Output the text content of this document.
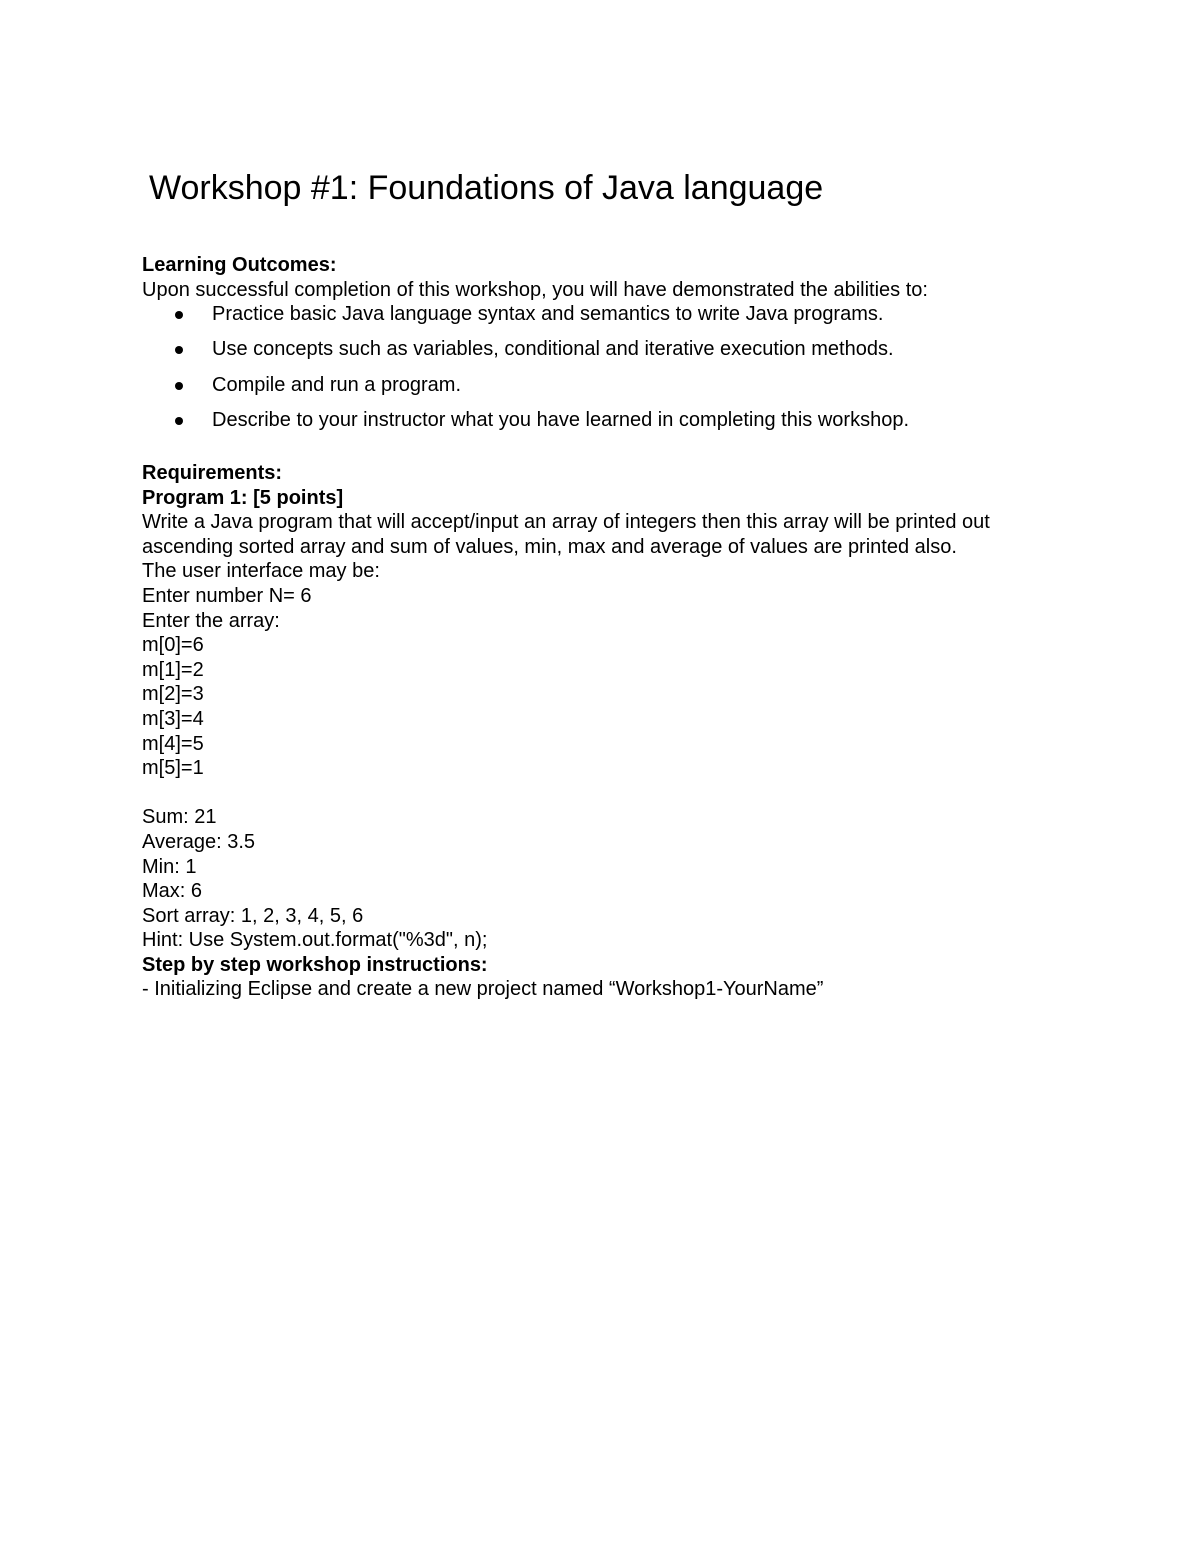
Workshop #1: Foundations of Java language
Learning Outcomes:
Upon successful completion of this workshop, you will have demonstrated the abilities to:
Practice basic Java language syntax and semantics to write Java programs.
Use concepts such as variables, conditional and iterative execution methods.
Compile and run a program.
Describe to your instructor what you have learned in completing this workshop.
Requirements:
Program 1: [5 points]
Write a Java program that will accept/input an array of integers then this array will be printed out
ascending sorted array and sum of values, min, max and average of values are printed also.
The user interface may be:
Enter number N= 6
Enter the array:
m[0]=6
m[1]=2
m[2]=3
m[3]=4
m[4]=5
m[5]=1
Sum: 21
Average: 3.5
Min: 1
Max: 6
Sort array: 1, 2, 3, 4, 5, 6
Hint: Use System.out.format("%3d", n);
Step by step workshop instructions:
- Initializing Eclipse and create a new project named “Workshop1-YourName”
